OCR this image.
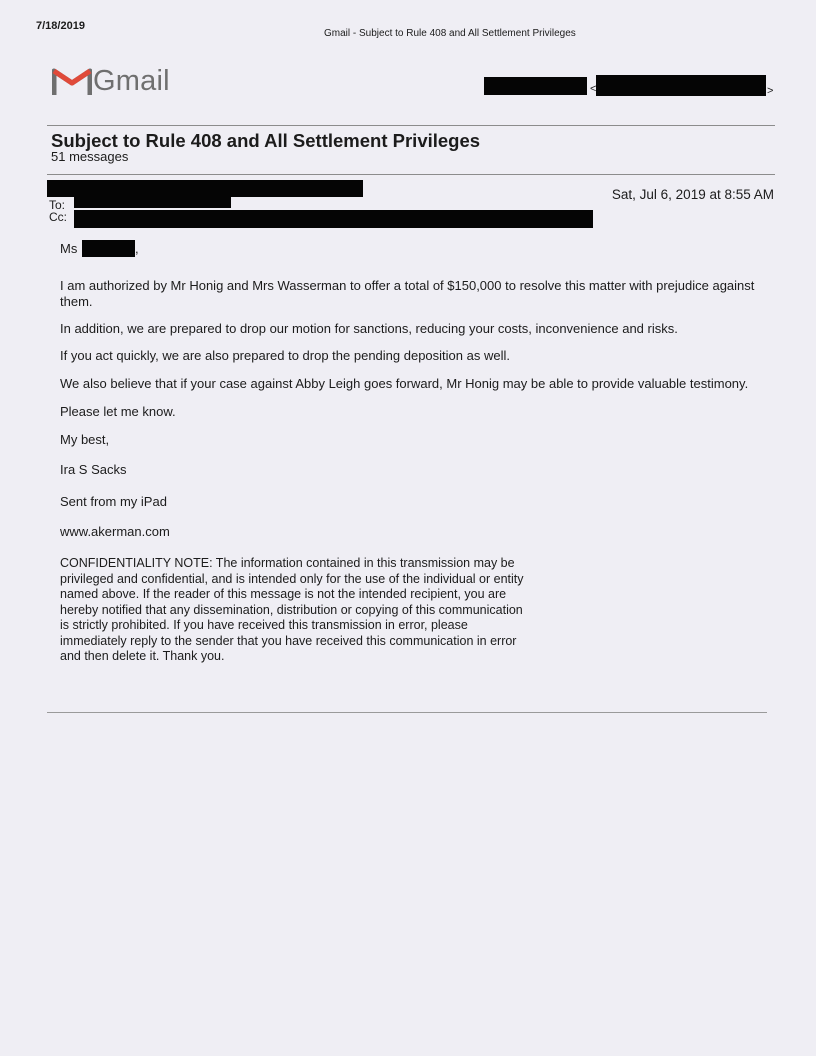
7/18/2019
Gmail - Subject to Rule 408 and All Settlement Privileges
Gmail	<	>
Subject to Rule 408 and All Settlement Privileges
51 messages
Sat, Jul 6, 2019 at 8:55 AM
To:
Cc:
Ms	,
I am authorized by Mr Honig and Mrs Wasserman to offer a total of $150,000 to resolve this matter with prejudice against them.
In addition, we are prepared to drop our motion for sanctions, reducing your costs, inconvenience and risks.
If you act quickly, we are also prepared to drop the pending deposition as well.
We also believe that if your case against Abby Leigh goes forward, Mr Honig may be able to provide valuable testimony.
Please let me know.
My best,
Ira S Sacks
Sent from my iPad
www.akerman.com
CONFIDENTIALITY NOTE: The information contained in this transmission may be privileged and confidential, and is intended only for the use of the individual or entity named above. If the reader of this message is not the intended recipient, you are hereby notified that any dissemination, distribution or copying of this communication is strictly prohibited. If you have received this transmission in error, please immediately reply to the sender that you have received this communication in error and then delete it. Thank you.
